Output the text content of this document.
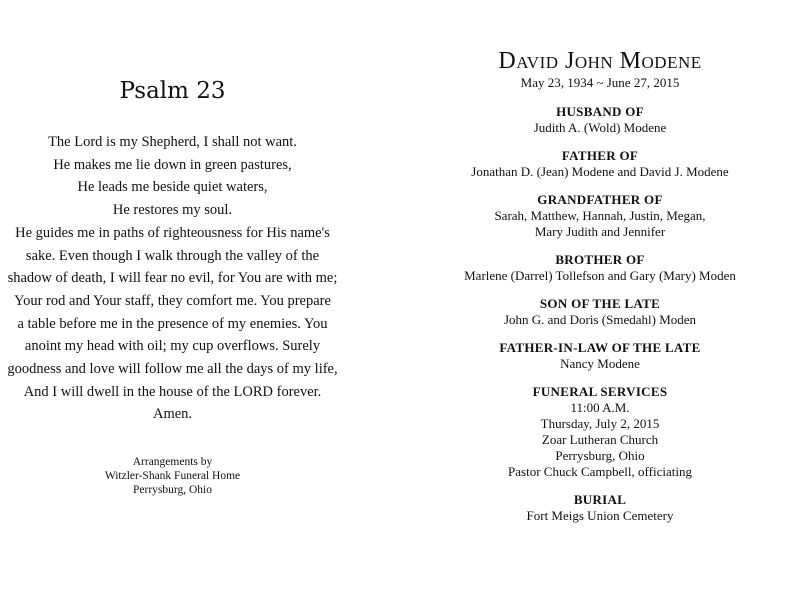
Psalm 23
The Lord is my Shepherd, I shall not want.
He makes me lie down in green pastures,
He leads me beside quiet waters,
He restores my soul.
He guides me in paths of righteousness for His name's
sake. Even though I walk through the valley of the
shadow of death, I will fear no evil, for You are with me;
Your rod and Your staff, they comfort me. You prepare
a table before me in the presence of my enemies. You
anoint my head with oil; my cup overflows. Surely
goodness and love will follow me all the days of my life,
And I will dwell in the house of the LORD forever.
Amen.
Arrangements by
Witzler-Shank Funeral Home
Perrysburg, Ohio
David John Modene
May 23, 1934 ~ June 27, 2015
HUSBAND OF
Judith A. (Wold) Modene
FATHER OF
Jonathan D. (Jean) Modene and David J. Modene
GRANDFATHER OF
Sarah, Matthew, Hannah, Justin, Megan,
Mary Judith and Jennifer
BROTHER OF
Marlene (Darrel) Tollefson and Gary (Mary) Moden
SON OF THE LATE
John G. and Doris (Smedahl) Moden
FATHER-IN-LAW OF THE LATE
Nancy Modene
FUNERAL SERVICES
11:00 A.M.
Thursday, July 2, 2015
Zoar Lutheran Church
Perrysburg, Ohio
Pastor Chuck Campbell, officiating
BURIAL
Fort Meigs Union Cemetery
